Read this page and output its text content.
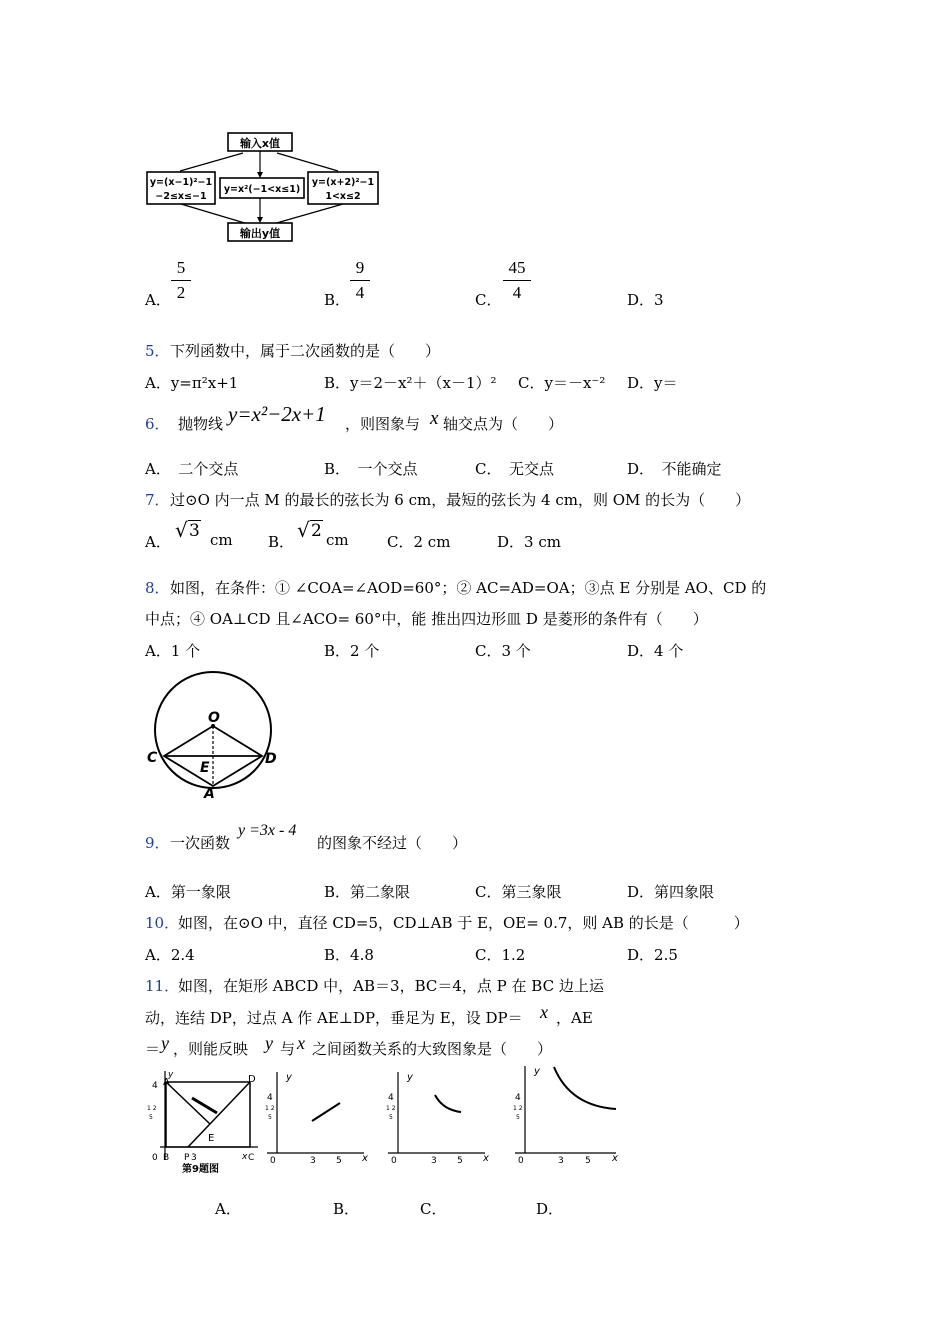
输入x值
y=(x−1)²−1
−2≤x≤−1
y=x²(−1<x≤1)
y=(x+2)²−1
1<x≤2
输出y值
A．
5
2	B．
9
4	C．
45
4	D．3
5． 下列函数中，属于二次函数的是（　　）
A．y=π²x+1	B．y＝2－x²＋（x－1）² C．y＝－x⁻² D．y＝
6． 抛物线 y=x²−2x+1 ，则图象与 x 轴交点为（　　）
A．　二个交点	B．　一个交点	C．　无交点	D．　不能确定
7． 过⊙O 内一点 M 的最长的弦长为 6 cm，最短的弦长为 4 cm，则 OM 的长为（　　）
A． √ 3 cm B． √ 2 cm	C．2 cm	D．3 cm
8． 如图，在条件：① ∠COA=∠AOD=60°；② AC=AD=OA；③点 E 分别是 AO、CD 的
中点；④ OA⊥CD 且∠ACO= 60°中，能 推出四边形皿 D 是菱形的条件有（　　）
A．1 个	B．2 个	C．3 个	D．4 个
O
C	D
E
A
9． 一次函数
y =3x - 4
的图象不经过（　　）
A．第一象限	B．第二象限	C．第三象限	D．第四象限
10．
如图，在⊙O 中，直径 CD=5，CD⊥AB 于 E，OE= 0.7，则 AB 的长是（　　　）
A．2.4	B．4.8	C．1.2	D．2.5
11．
如图，在矩形 ABCD 中，AB＝3，BC＝4，点 P 在 BC 边上运
动，连结 DP，过点 A 作 AE⊥DP，垂足为 E，设 DP＝ x ，AE
＝ y ，则能反映 y 与 x 之间函数关系的大致图象是（　　）
y
A	D
4
1 2
5
E
0 B P 3	x C
第9题图
y
4
1 2
5
0	3 5 x
y
4
1 2
5
0	3 5 x
y
4
1 2
5
0	3 5 x
A．	B．	C．	D．
